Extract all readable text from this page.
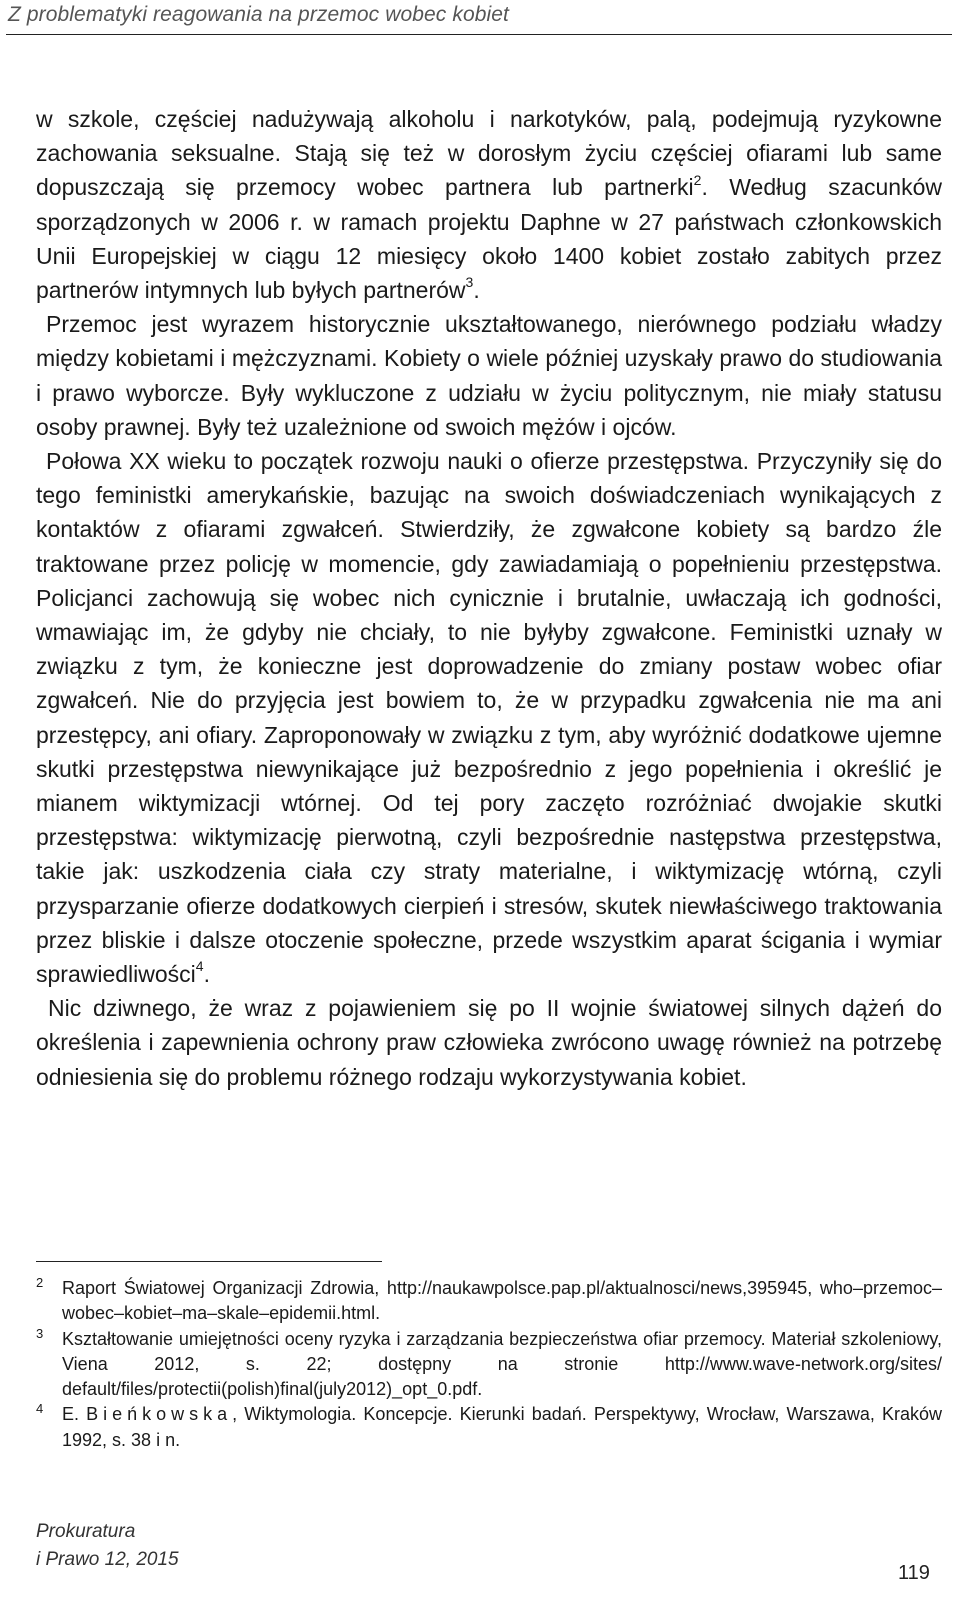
Z problematyki reagowania na przemoc wobec kobiet

w szkole, częściej nadużywają alkoholu i narkotyków, palą, podejmują ryzykowne zachowania seksualne. Stają się też w dorosłym życiu częściej ofiarami lub same dopuszczają się przemocy wobec partnera lub partnerki$^2$. Według szacunków sporządzonych w 2006 r. w ramach projektu Daphne w 27 państwach członkowskich Unii Europejskiej w ciągu 12 miesięcy około 1400 kobiet zostało zabitych przez partnerów intymnych lub byłych partnerów$^3$.

Przemoc jest wyrazem historycznie ukształtowanego, nierównego podziału władzy między kobietami i mężczyznami. Kobiety o wiele później uzyskały prawo do studiowania i prawo wyborcze. Były wykluczone z udziału w życiu politycznym, nie miały statusu osoby prawnej. Były też uzależnione od swoich mężów i ojców.

Połowa XX wieku to początek rozwoju nauki o ofierze przestępstwa. Przyczyniły się do tego feministki amerykańskie, bazując na swoich doświadczeniach wynikających z kontaktów z ofiarami zgwałceń. Stwierdziły, że zgwałcone kobiety są bardzo źle traktowane przez policję w momencie, gdy zawiadamiają o popełnieniu przestępstwa. Policjanci zachowują się wobec nich cynicznie i brutalnie, uwłaczają ich godności, wmawiając im, że gdyby nie chciały, to nie byłyby zgwałcone. Feministki uznały w związku z tym, że konieczne jest doprowadzenie do zmiany postaw wobec ofiar zgwałceń. Nie do przyjęcia jest bowiem to, że w przypadku zgwałcenia nie ma ani przestępcy, ani ofiary. Zaproponowały w związku z tym, aby wyróżnić dodatkowe ujemne skutki przestępstwa niewynikające już bezpośrednio z jego popełnienia i określić je mianem wiktymizacji wtórnej. Od tej pory zaczęto rozróżniać dwojakie skutki przestępstwa: wiktymizację pierwotną, czyli bezpośrednie następstwa przestępstwa, takie jak: uszkodzenia ciała czy straty materialne, i wiktymizację wtórną, czyli przysparzanie ofierze dodatkowych cierpień i stresów, skutek niewłaściwego traktowania przez bliskie i dalsze otoczenie społeczne, przede wszystkim aparat ścigania i wymiar sprawiedliwości$^4$.

Nic dziwnego, że wraz z pojawieniem się po II wojnie światowej silnych dążeń do określenia i zapewnienia ochrony praw człowieka zwrócono uwagę również na potrzebę odniesienia się do problemu różnego rodzaju wykorzystywania kobiet.

2 Raport Światowej Organizacji Zdrowia, http://naukawpolsce.pap.pl/aktualnosci/news,395945, who–przemoc–wobec–kobiet–ma–skale–epidemii.html.
3 Kształtowanie umiejętności oceny ryzyka i zarządzania bezpieczeństwa ofiar przemocy. Materiał szkoleniowy, Viena 2012, s. 22; dostępny na stronie http://www.wave-network.org/sites/ default/files/protectii(polish)final(july2012)_opt_0.pdf.
4 E. Bieńkowska, Wiktymologia. Koncepcje. Kierunki badań. Perspektywy, Wrocław, Warszawa, Kraków 1992, s. 38 i n.
Prokuratura
i Prawo 12, 2015
119
